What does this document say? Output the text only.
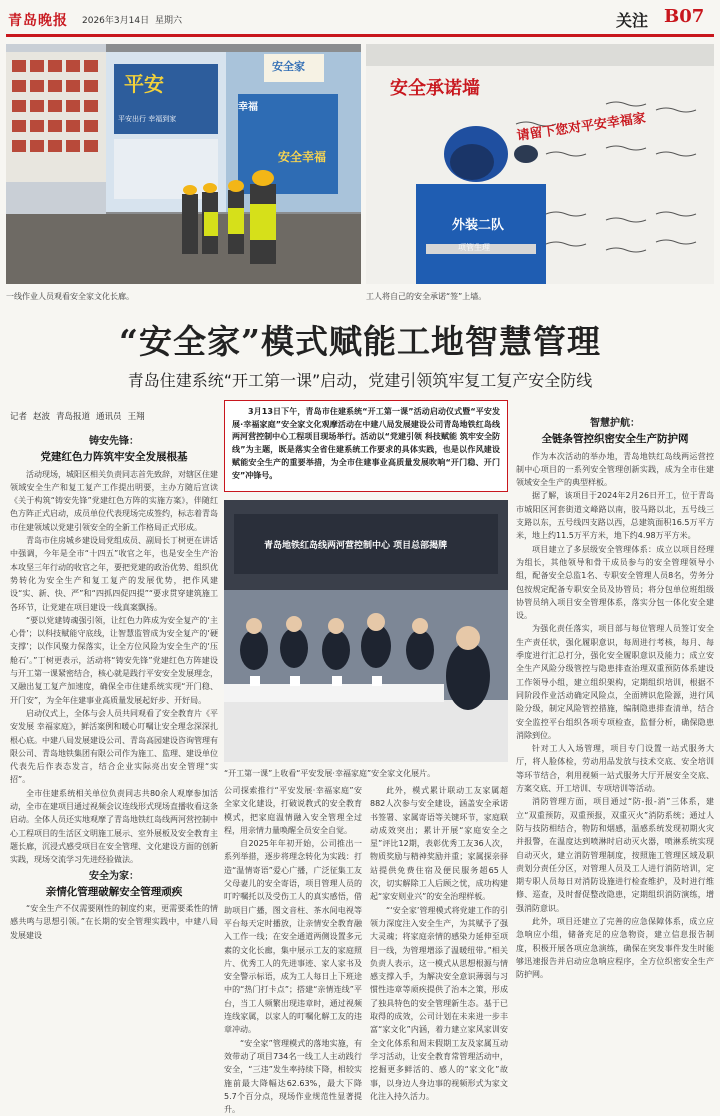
青岛晚报 2026年3月14日 星期六	关注 B07
平安
幸福
安全家
平安出行 幸福到家
安全幸福
一线作业人员观看安全家文化长廊。
安全承诺墙
请留下您对平安幸福家
外装二队
项管生理
工人将自己的安全承诺“签”上墙。
“安全家”模式赋能工地智慧管理
青岛住建系统“开工第一课”启动，党建引领筑牢复工复产安全防线
记者 赵波 青岛报道 通讯员 王翔
铸安先锋：
党建红色力阵筑牢安全发展根基

活动现场，城阳区相关负责同志首先致辞，对辖区住建领域安全生产和复工复产工作提出明要，主办方随后宣读《关于构筑“铸安先锋”党建红色方阵的实施方案》，伴随红色方阵正式启动，成员单位代表现场完成签约，标志着青岛市住建领域以党建引领安全的全新工作格局正式形成。

青岛市住房城乡建设局党组成员、副局长丁树更在讲话中强调，今年是全市“十四五”收官之年，也是安全生产治本攻坚三年行动的收官之年，要把党建的政治优势、组织优势转化为安全生产和复工复产的发展优势，把作风建设“实、新、快、严”和“四抓四促四提”“要求贯穿建筑施工各环节，让党建在项目建设一线真案飘扬。

“要以党建铸魂强引领，让红色力阵成为安全复产的‘主心骨’；以科技赋能守底线，让智慧监管成为安全复产的‘硬支撑’；以作风聚力保落实，让全方位风险为安全生产的‘压舱石’。”丁树更表示，活动将“铸安先锋”党建红色方阵建设与开工第一课紧密结合，核心就是践行平安安全发展理念，又融出复工复产加速度，确保全市住建系统实现“开门稳、开门安”，为全年住建事业高质量发展起好步、开好局。

启动仪式上，全体与会人员共同观看了安全教育片《平安发展 幸福家庭》，鲜活案例和暖心叮嘱让安全理念深深扎根心底。中建八局发展建设公司、青岛高园建设咨询管理有限公司、青岛地铁集团有限公司作为施工、监理、建设单位代表先后作表态发言，结合企业实际亮出安全管理“实招”。

全市住建系统相关单位负责同志共80余人观摩参加活动，全市在建项目通过视频会议连线形式现场直播收看这条启动。全体人员还实地观摩了青岛地铁红岛线两河营控制中心工程项目的生活区文明施工展示、室外展板及安全教育主题长廊，沉浸式感受项目在安全管理、文化建设方面的创新实践，现场交流学习先进经验做法。

安全为家：
亲情化管理破解安全管理顽疾

“安全生产不仅需要刚性的制度约束，更需要柔性的情感共鸣与思想引领。”在长期的安全管理实践中，中建八局发展建设

3月13日下午，青岛市住建系统“开工第一课”活动启动仪式暨“平安发展·幸福家庭”安全家文化观摩活动在中建八局发展建设公司青岛地铁红岛线两河营控制中心工程项目现场举行。活动以“党建引领 科技赋能 筑牢安全防线”为主题，既是落实全省住建系统工作要求的具体实践，也是以作风建设赋能安全生产的重要举措，为全市住建事业高质量发展吹响“开门稳、开门安”冲锋号。
青岛地铁红岛线两河营控制中心 项目总部揭牌
“开工第一课”上收看“平安发展·幸福家庭”安全家文化展片。

公司探索推行“平安发展·幸福家庭”安全家文化建设，打破说教式的安全教育模式，把家庭温情融入安全管理全过程，用亲情力量唤醒全员安全自觉。

自2025年年初开始，公司推出一系列举措，逐步将理念转化为实践：打造“温情寄语”爱心广播，广泛征集工友父母妻儿的安全寄语，项目管理人员的叮咛嘱托以及受伤工人的真实感悟，借助项目广播，图文音柱、茶水间电视等平台每天定时播放，让亲情安全教育融入工作一线；在安全通道两侧设置多元素的文化长廊，集中展示工友的家庭照片、优秀工人的先进事迹、家人家书及安全警示标语，成为工人每日上下班途中的“热门打卡点”；搭建“亲情连线”平台，当工人频繁出现违章时，通过视频连线家属，以家人的叮嘱化解工友的违章冲动。

“安全家”管理模式的落地实施，有效带动了项目734名一线工人主动践行安全，“三违”发生率持续下降，相较实施前最大降幅达62.63%，最大下降5.7个百分点，现场作业规范性显著提升。

此外，模式累计联动工友家属超882人次参与安全建设，涵盖安全承诺书签署、家属寄语等关键环节，家庭联动成效突出；累计开展“家庭安全之星”评比12期，表彰优秀工友36人次，物质奖励与精神奖励并重；家属探亲驿站提供免费住宿及便民服务超65人次，切实解除工人后顾之忧，成功构建起“家安则业兴”的安全治理样板。

“‘安全家’管理模式将党建工作的引领力深度注入安全生产，为其赋予了强大灵魂；将家庭亲情的感染力延伸至项目一线，为管理增添了温暖纽带。”相关负责人表示，这一模式从思想根源与情感支撑入手，为解决安全意识薄弱与习惯性违章等顽疾提供了治本之策，形成了独具特色的安全管理新生态。基于已取得的成效，公司计划在未来进一步丰富“家文化”内涵，着力建立家风家训安全文化体系和周末假期工友及家属互动学习活动，让安全教育常管理活动中，挖掘更多鲜活的、感人的“家文化”故事，以身边人身边事的视频形式为家文化注入持久活力。

智慧护航：
全链条管控织密安全生产防护网

作为本次活动的举办地，青岛地铁红岛线两运营控制中心项目的一系列安全管理创新实践，成为全市住建领域安全生产的典型样板。

据了解，该项目于2024年2月26日开工，位于青岛市城阳区河套街道文峰路以南，胶马路以北，五号线三支路以东，五号线四支路以西，总建筑面积16.5万平方米，地上约11.5万平方米，地下约4.98万平方米。

项目建立了多层级安全管理体系：成立以项目经理为组长，其他领导和骨干成员参与的安全管理领导小组，配备安全总监1名、专职安全管理人员8名，劳务分包按规定配备专职安全员及协管员；将分包单位班组级协管员纳入项目安全管理体系，落实分包一体化安全建设。

为强化责任落实，项目部与每位管理人员签订安全生产责任状，强化履职意识，每周进行考核，每月、每季度进行汇总打分，强化安全履职意识及能力；成立安全生产风险分级管控与隐患排查治理双重预防体系建设工作领导小组，建立组织架构，定期组织培训，根据不同阶段作业活动确定风险点，全面辨识危险源，进行风险分级，制定风险管控措施，编制隐患排查清单，结合安全监控平台组织各项专项检查，监督分析，确保隐患消除到位。

针对工人入场管理，项目专门设置一站式服务大厅，将人脸体检，劳动用品发放与技术交底、安全培训等环节结合，利用视频一站式服务大厅开展安全交底、方案交底、开工培训、专项培训等活动。

消防管理方面，项目通过“防-报-消”三体系，建立“双重预防，双重预报，双重灭火”消防系统；通过人防与技防相结合，物防和烟感，温感系统发现初期火灾并报警，在温度达到喷淋时启动灭火器，喷淋系统实现自动灭火，建立消防管理制度，按照施工管理区域及职责划分责任分区，对管理人员及工人进行消防培训，定期专职人员每日对消防设施进行检查维护，及时进行维修、巡查，及时督促整改隐患，定期组织消防演练，增强消防意识。

此外，项目还建立了完善的应急保障体系，成立应急响应小组，储备充足的应急物资，建立信息报告制度，积极开展各项应急演练，确保在突发事件发生时能够迅速报告并启动应急响应程序，全方位织密安全生产防护网。
